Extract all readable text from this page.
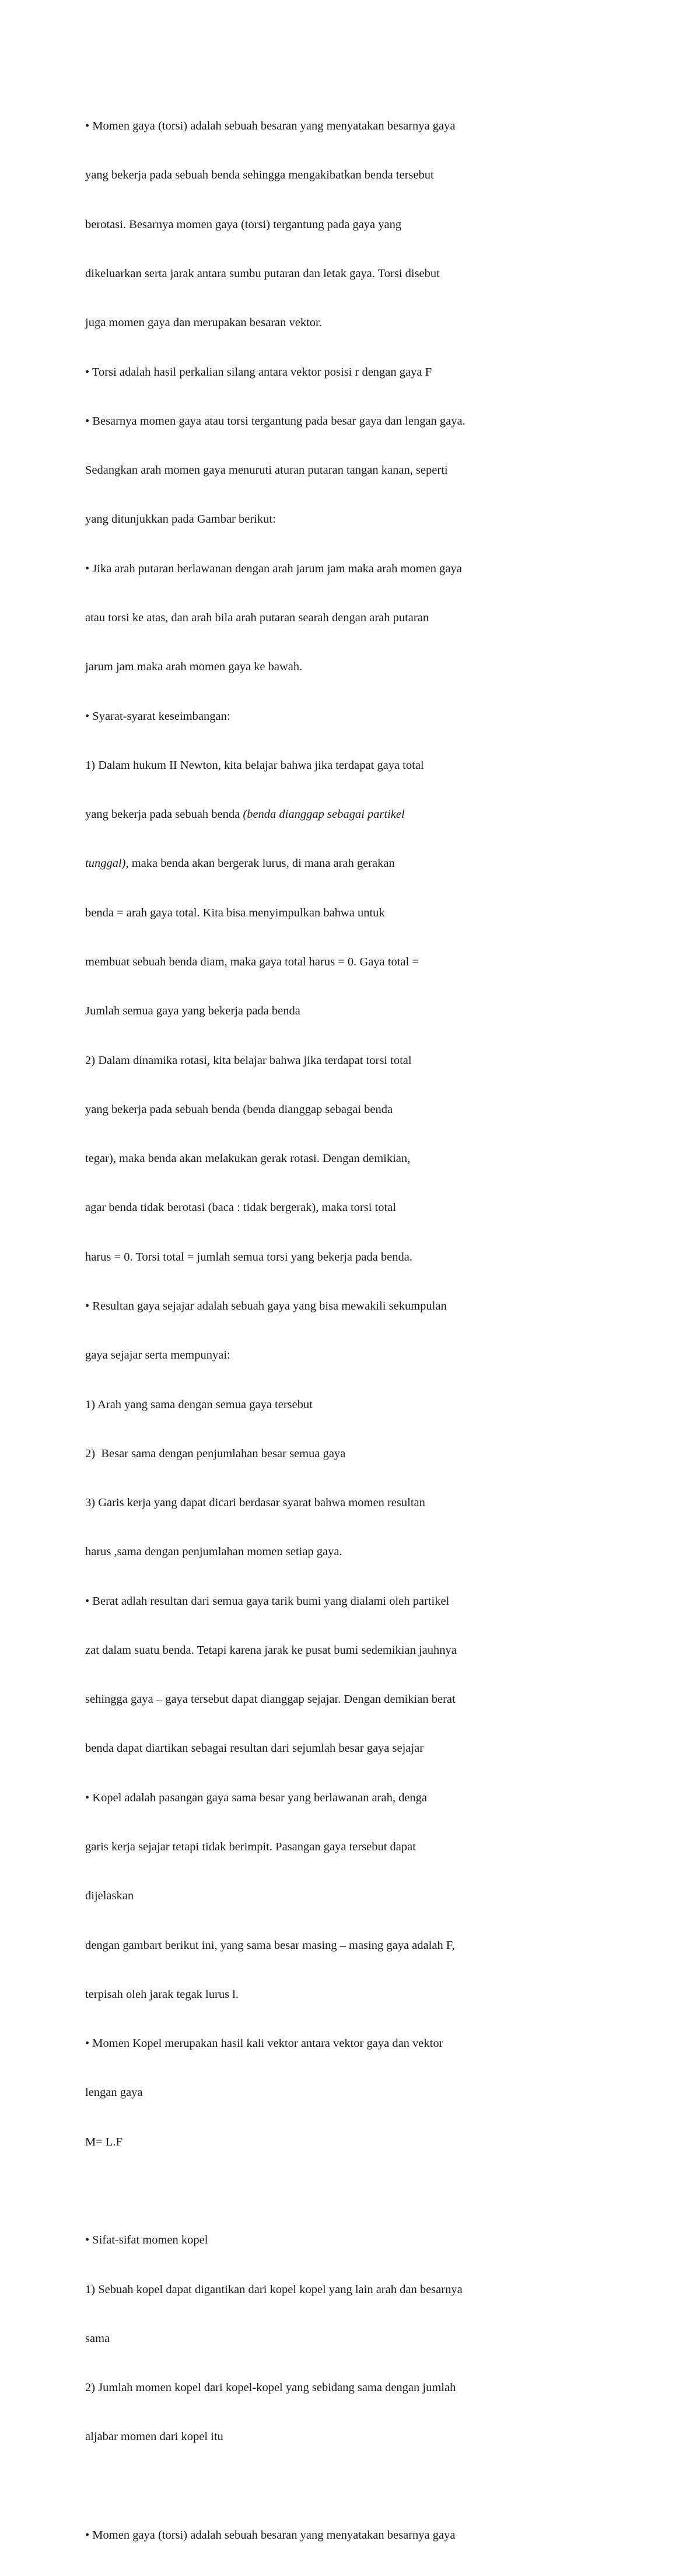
• Momen gaya (torsi) adalah sebuah besaran yang menyatakan besarnya gaya

yang bekerja pada sebuah benda sehingga mengakibatkan benda tersebut

berotasi. Besarnya momen gaya (torsi) tergantung pada gaya yang

dikeluarkan serta jarak antara sumbu putaran dan letak gaya. Torsi disebut

juga momen gaya dan merupakan besaran vektor.

• Torsi adalah hasil perkalian silang antara vektor posisi r dengan gaya F

• Besarnya momen gaya atau torsi tergantung pada besar gaya dan lengan gaya.

Sedangkan arah momen gaya menuruti aturan putaran tangan kanan, seperti

yang ditunjukkan pada Gambar berikut:

• Jika arah putaran berlawanan dengan arah jarum jam maka arah momen gaya

atau torsi ke atas, dan arah bila arah putaran searah dengan arah putaran

jarum jam maka arah momen gaya ke bawah.

• Syarat-syarat keseimbangan:

1) Dalam hukum II Newton, kita belajar bahwa jika terdapat gaya total

yang bekerja pada sebuah benda (benda dianggap sebagai partikel

tunggal), maka benda akan bergerak lurus, di mana arah gerakan

benda = arah gaya total. Kita bisa menyimpulkan bahwa untuk

membuat sebuah benda diam, maka gaya total harus = 0. Gaya total =

Jumlah semua gaya yang bekerja pada benda

2) Dalam dinamika rotasi, kita belajar bahwa jika terdapat torsi total

yang bekerja pada sebuah benda (benda dianggap sebagai benda

tegar), maka benda akan melakukan gerak rotasi. Dengan demikian,

agar benda tidak berotasi (baca : tidak bergerak), maka torsi total

harus = 0. Torsi total = jumlah semua torsi yang bekerja pada benda.

• Resultan gaya sejajar adalah sebuah gaya yang bisa mewakili sekumpulan

gaya sejajar serta mempunyai:

1) Arah yang sama dengan semua gaya tersebut

2)  Besar sama dengan penjumlahan besar semua gaya

3) Garis kerja yang dapat dicari berdasar syarat bahwa momen resultan

harus ,sama dengan penjumlahan momen setiap gaya.

• Berat adlah resultan dari semua gaya tarik bumi yang dialami oleh partikel

zat dalam suatu benda. Tetapi karena jarak ke pusat bumi sedemikian jauhnya

sehingga gaya – gaya tersebut dapat dianggap sejajar. Dengan demikian berat

benda dapat diartikan sebagai resultan dari sejumlah besar gaya sejajar

• Kopel adalah pasangan gaya sama besar yang berlawanan arah, denga

garis kerja sejajar tetapi tidak berimpit. Pasangan gaya tersebut dapat

dijelaskan

dengan gambart berikut ini, yang sama besar masing – masing gaya adalah F,

terpisah oleh jarak tegak lurus l.

• Momen Kopel merupakan hasil kali vektor antara vektor gaya dan vektor

lengan gaya

M= L.F

• Sifat-sifat momen kopel

1) Sebuah kopel dapat digantikan dari kopel kopel yang lain arah dan besarnya

sama

2) Jumlah momen kopel dari kopel-kopel yang sebidang sama dengan jumlah

aljabar momen dari kopel itu

• Momen gaya (torsi) adalah sebuah besaran yang menyatakan besarnya gaya
